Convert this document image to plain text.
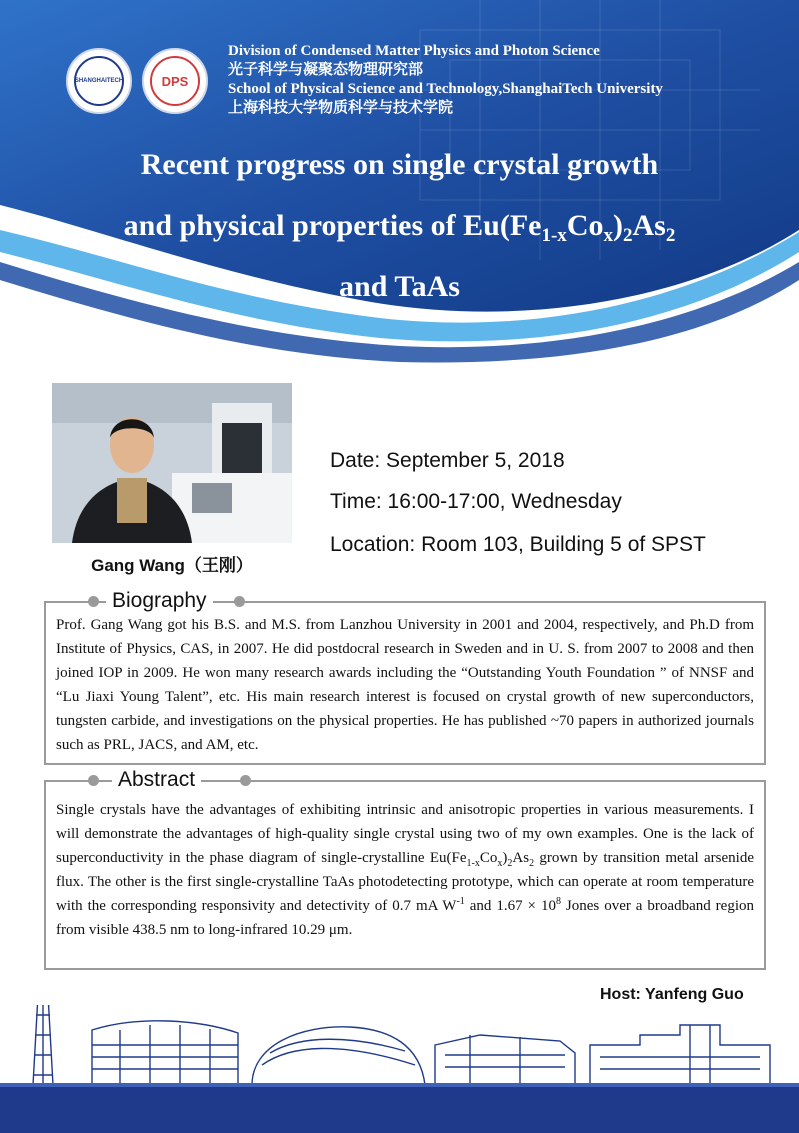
SHANGHAITECH	DPS
Division of Condensed Matter Physics and Photon Science
光子科学与凝聚态物理研究部
School of Physical Science and Technology,ShanghaiTech University
上海科技大学物质科学与技术学院
Recent progress on single crystal growth
and physical properties of $Eu(Fe_{1-x}Co_x)_2As_2$
and TaAs
Gang Wang（王刚）
Date: September 5, 2018
Time: 16:00-17:00, Wednesday
Location: Room 103, Building 5 of SPST
Biography
Prof. Gang Wang got his B.S. and M.S. from Lanzhou University in 2001 and 2004, respectively, and Ph.D from Institute of Physics, CAS, in 2007. He did postdocral research in Sweden and in U. S. from 2007 to 2008 and then joined IOP in 2009. He won many research awards including the “Outstanding Youth Foundation ” of NNSF and “Lu Jiaxi Young Talent”, etc. His main research interest is focused on crystal growth of new superconductors, tungsten carbide, and investigations on the physical properties. He has published ~70 papers in authorized journals such as PRL, JACS, and AM, etc.
Abstract
Single crystals have the advantages of exhibiting intrinsic and anisotropic properties in various measurements. I will demonstrate the advantages of high-quality single crystal using two of my own examples. One is the lack of superconductivity in the phase diagram of single-crystalline $Eu(Fe_{1-x}Co_x)_2As_2$ grown by transition metal arsenide flux. The other is the first single-crystalline TaAs photodetecting prototype, which can operate at room temperature with the corresponding responsivity and detectivity of 0.7 mA $W^{-1}$ and $1.67 \times 10^8$ Jones over a broadband region from visible 438.5 nm to long-infrared 10.29 μm.
Host: Yanfeng Guo
